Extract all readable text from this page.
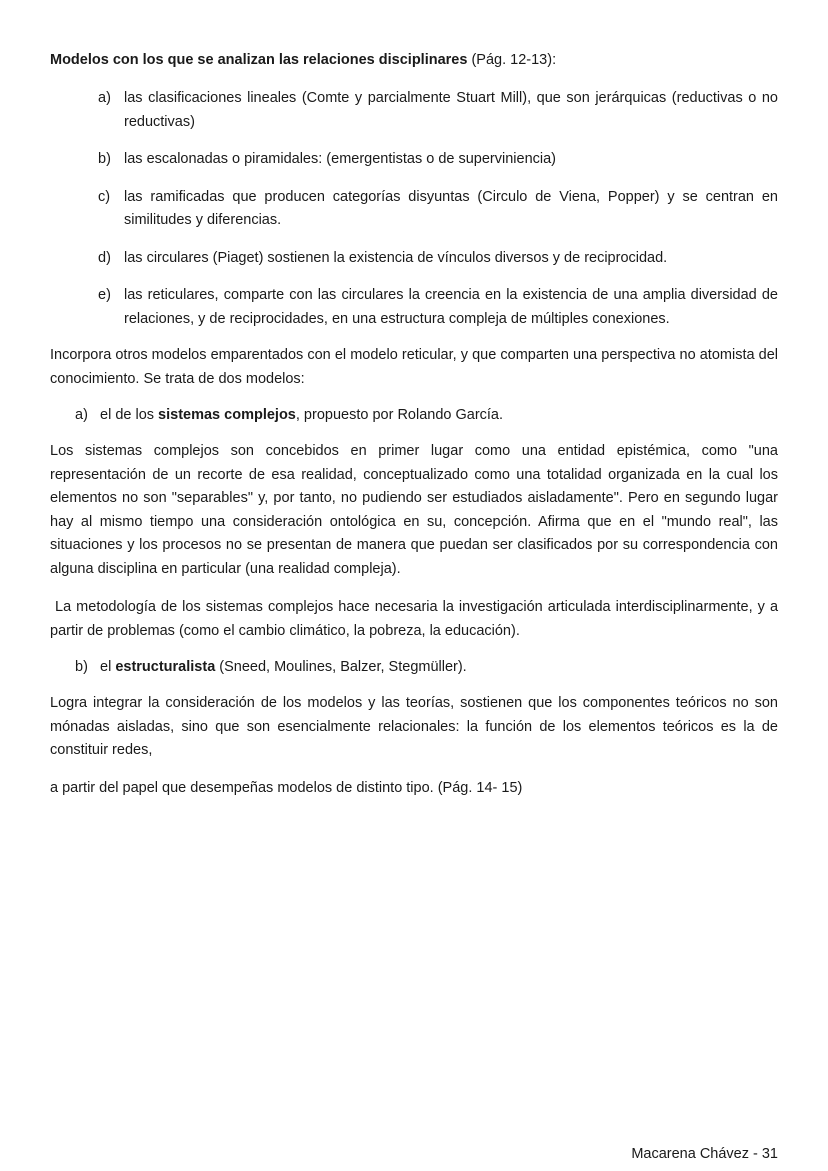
Modelos con los que se analizan las relaciones disciplinares (Pág. 12-13):
a) las clasificaciones lineales (Comte y parcialmente Stuart Mill), que son jerárquicas (reductivas o no reductivas)
b) las escalonadas o piramidales: (emergentistas o de superviniencia)
c) las ramificadas que producen categorías disyuntas (Circulo de Viena, Popper) y se centran en similitudes y diferencias.
d) las circulares (Piaget) sostienen la existencia de vínculos diversos y de reciprocidad.
e) las reticulares, comparte con las circulares la creencia en la existencia de una amplia diversidad de relaciones, y de reciprocidades, en una estructura compleja de múltiples conexiones.

Incorpora otros modelos emparentados con el modelo reticular, y que comparten una perspectiva no atomista del conocimiento. Se trata de dos modelos:

a) el de los sistemas complejos, propuesto por Rolando García.

Los sistemas complejos son concebidos en primer lugar como una entidad epistémica, como "una representación de un recorte de esa realidad, conceptualizado como una totalidad organizada en la cual los elementos no son "separables" y, por tanto, no pudiendo ser estudiados aisladamente". Pero en segundo lugar hay al mismo tiempo una consideración ontológica en su, concepción. Afirma que en el "mundo real", las situaciones y los procesos no se presentan de manera que puedan ser clasificados por su correspondencia con alguna disciplina en particular (una realidad compleja).

La metodología de los sistemas complejos hace necesaria la investigación articulada interdisciplinarmente, y a partir de problemas (como el cambio climático, la pobreza, la educación).

b) el estructuralista (Sneed, Moulines, Balzer, Stegmüller).

Logra integrar la consideración de los modelos y las teorías, sostienen que los componentes teóricos no son mónadas aisladas, sino que son esencialmente relacionales: la función de los elementos teóricos es la de constituir redes,

a partir del papel que desempeñas modelos de distinto tipo. (Pág. 14- 15)

Macarena Chávez - 31
